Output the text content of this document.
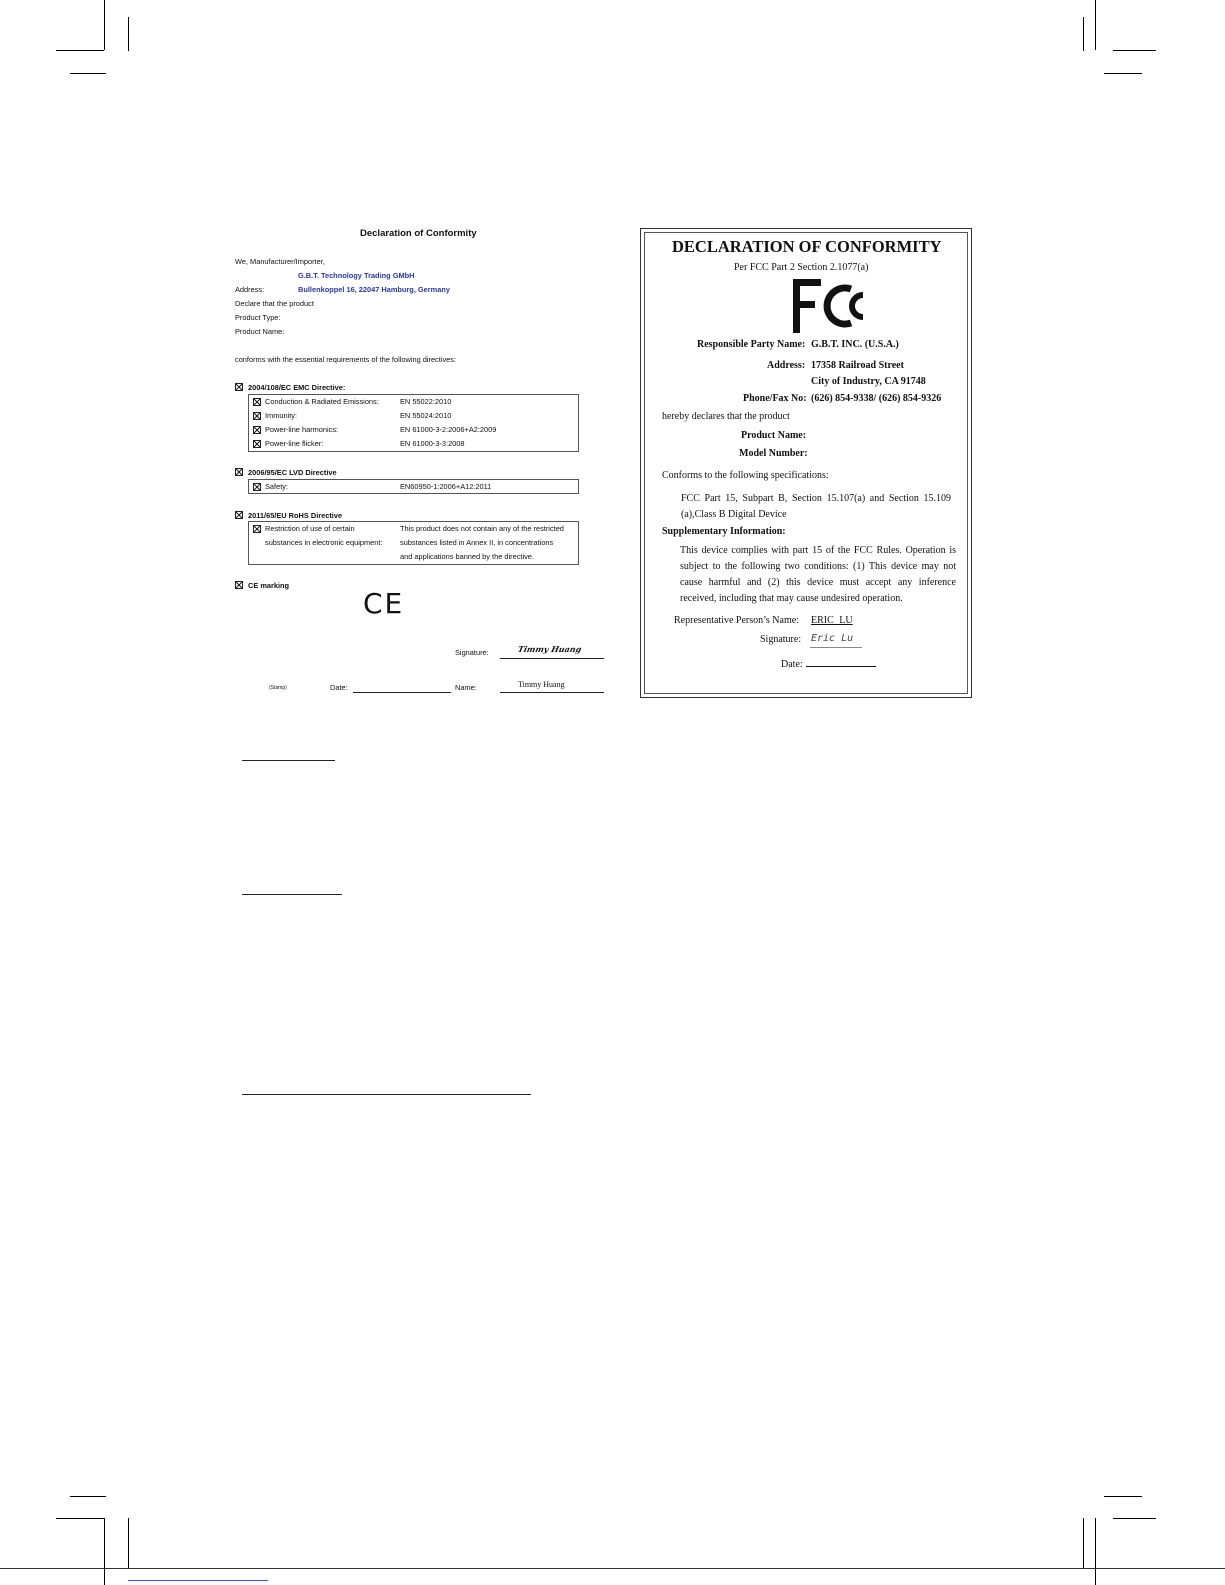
Declaration of Conformity
We, Manufacturer/Importer,
G.B.T. Technology Trading GMbH
Address:	Bullenkoppel 16, 22047 Hamburg, Germany
Declare that the product
Product Type:
Product Name:
conforms with the essential requirements of the following directives:
2004/108/EC EMC Directive:
Conduction & Radiated Emissions:	EN 55022:2010
Immunity:	EN 55024:2010
Power-line harmonics:	EN 61000-3-2:2006+A2:2009
Power-line flicker:	EN 61000-3-3:2008
2006/95/EC LVD Directive
Safety:	EN60950-1:2006+A12:2011
2011/65/EU RoHS Directive
Restriction of use of certain
substances in electronic equipment:
This product does not contain any of the restricted
substances listed in Annex II, in concentrations
and applications banned by the directive.
CE marking
CE
Signature:	Timmy Huang
(Stamp)	Date:	Name:	Timmy Huang
DECLARATION OF CONFORMITY
Per FCC Part 2 Section 2.1077(a)
Responsible Party Name: G.B.T. INC. (U.S.A.)
Address: 17358 Railroad Street
City of Industry, CA 91748
Phone/Fax No: (626) 854-9338/ (626) 854-9326
hereby declares that the product
Product Name:
Model Number:
Conforms to the following specifications:
FCC Part 15, Subpart B, Section 15.107(a) and Section 15.109 (a),Class B Digital Device
Supplementary Information:
This device complies with part 15 of the FCC Rules. Operation is subject to the following two conditions: (1) This device may not cause harmful and (2) this device must accept any inference received, including that may cause undesired operation.
Representative Person’s Name: ERIC LU
Signature: Eric Lu
Date:
